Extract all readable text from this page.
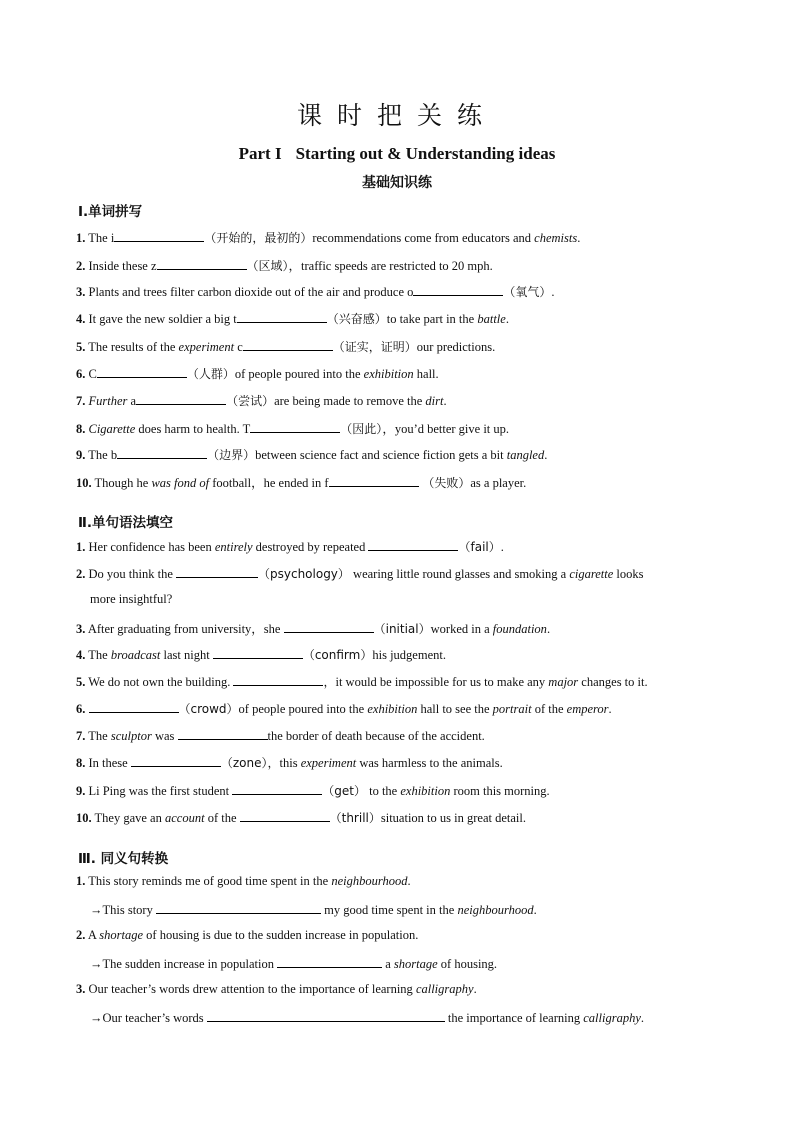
课时把关练
Part I Starting out & Understanding ideas
基础知识练
Ⅰ.单词拼写
1. The i	（开始的，最初的）recommendations come from educators and chemists.
2. Inside these z	（区域），traffic speeds are restricted to 20 mph.
3. Plants and trees filter carbon dioxide out of the air and produce o	（氧气）.
4. It gave the new soldier a big t	（兴奋感）to take part in the battle.
5. The results of the experiment c	（证实，证明）our predictions.
6. C	（人群）of people poured into the exhibition hall.
7. Further a	（尝试）are being made to remove the dirt.
8. Cigarette does harm to health. T	（因此），you’d better give it up.
9. The b	（边界）between science fact and science fiction gets a bit tangled.
10. Though he was fond of football，he ended in f	（失败）as a player.
Ⅱ.单句语法填空
1. Her confidence has been entirely destroyed by repeated	（fail）.
2. Do you think the	（psychology） wearing little round glasses and smoking a cigarette looks
more insightful?
3. After graduating from university，she	（initial）worked in a foundation.
4. The broadcast last night	（confirm）his judgement.
5. We do not own the building.	，it would be impossible for us to make any major changes to it.
6.	（crowd）of people poured into the exhibition hall to see the portrait of the emperor.
7. The sculptor was	the border of death because of the accident.
8. In these	（zone），this experiment was harmless to the animals.
9. Li Ping was the first student	（get） to the exhibition room this morning.
10. They gave an account of the	（thrill）situation to us in great detail.
Ⅲ. 同义句转换
1. This story reminds me of good time spent in the neighbourhood.
→This story	my good time spent in the neighbourhood.
2. A shortage of housing is due to the sudden increase in population.
→The sudden increase in population	a shortage of housing.
3. Our teacher’s words drew attention to the importance of learning calligraphy.
→Our teacher’s words	the importance of learning calligraphy.
